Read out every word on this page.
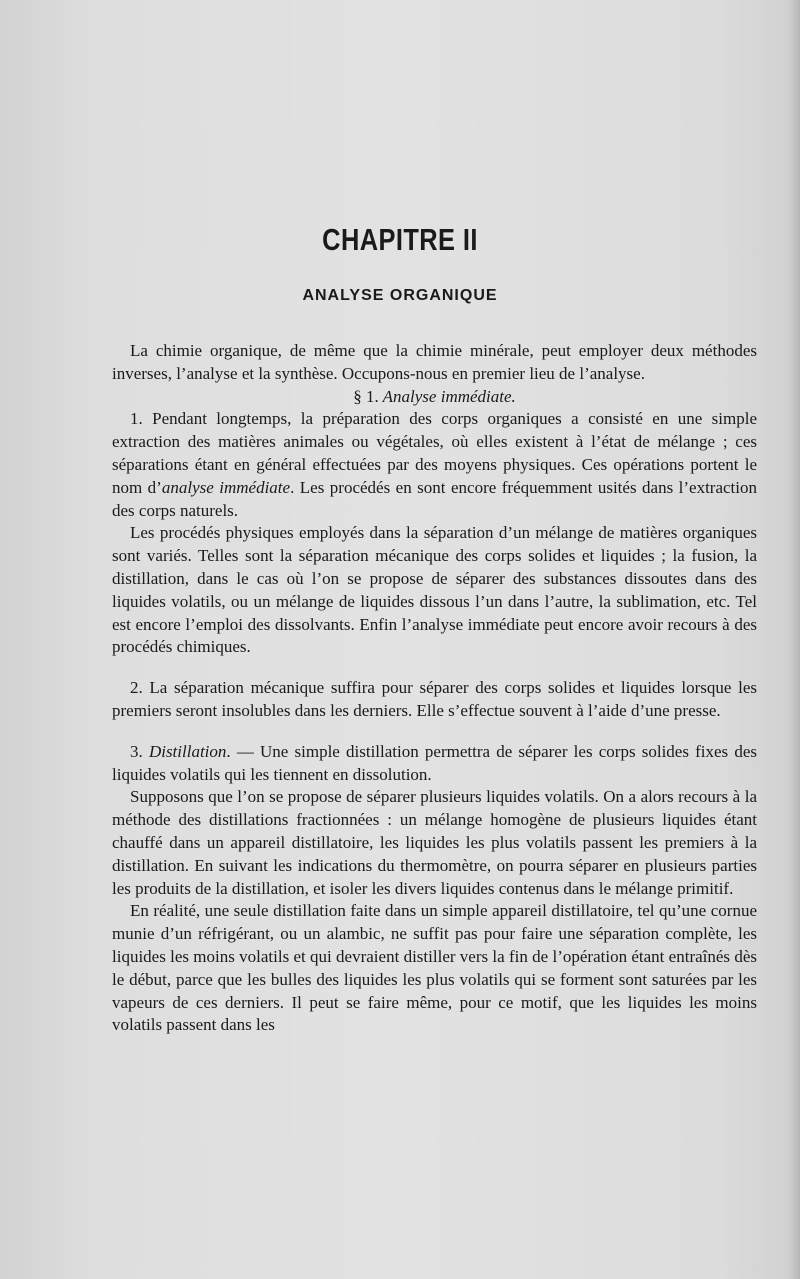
CHAPITRE II
ANALYSE ORGANIQUE

La chimie organique, de même que la chimie minérale, peut employer deux méthodes inverses, l’analyse et la synthèse. Occupons-nous en premier lieu de l’analyse.

§ 1. Analyse immédiate.

1. Pendant longtemps, la préparation des corps organiques a consisté en une simple extraction des matières animales ou végétales, où elles existent à l’état de mélange ; ces séparations étant en général effectuées par des moyens physiques. Ces opérations portent le nom d’analyse immédiate. Les procédés en sont encore fréquemment usités dans l’extraction des corps naturels.

Les procédés physiques employés dans la séparation d’un mélange de matières organiques sont variés. Telles sont la séparation mécanique des corps solides et liquides ; la fusion, la distillation, dans le cas où l’on se propose de séparer des substances dissoutes dans des liquides volatils, ou un mélange de liquides dissous l’un dans l’autre, la sublimation, etc. Tel est encore l’emploi des dissolvants. Enfin l’analyse immédiate peut encore avoir recours à des procédés chimiques.

2. La séparation mécanique suffira pour séparer des corps solides et liquides lorsque les premiers seront insolubles dans les derniers. Elle s’effectue souvent à l’aide d’une presse.

3. Distillation. — Une simple distillation permettra de séparer les corps solides fixes des liquides volatils qui les tiennent en dissolution.

Supposons que l’on se propose de séparer plusieurs liquides volatils. On a alors recours à la méthode des distillations fractionnées : un mélange homogène de plusieurs liquides étant chauffé dans un appareil distillatoire, les liquides les plus volatils passent les premiers à la distillation. En suivant les indications du thermomètre, on pourra séparer en plusieurs parties les produits de la distillation, et isoler les divers liquides contenus dans le mélange primitif.

En réalité, une seule distillation faite dans un simple appareil distillatoire, tel qu’une cornue munie d’un réfrigérant, ou un alambic, ne suffit pas pour faire une séparation complète, les liquides les moins volatils et qui devraient distiller vers la fin de l’opération étant entraînés dès le début, parce que les bulles des liquides les plus volatils qui se forment sont saturées par les vapeurs de ces derniers. Il peut se faire même, pour ce motif, que les liquides les moins volatils passent dans les
